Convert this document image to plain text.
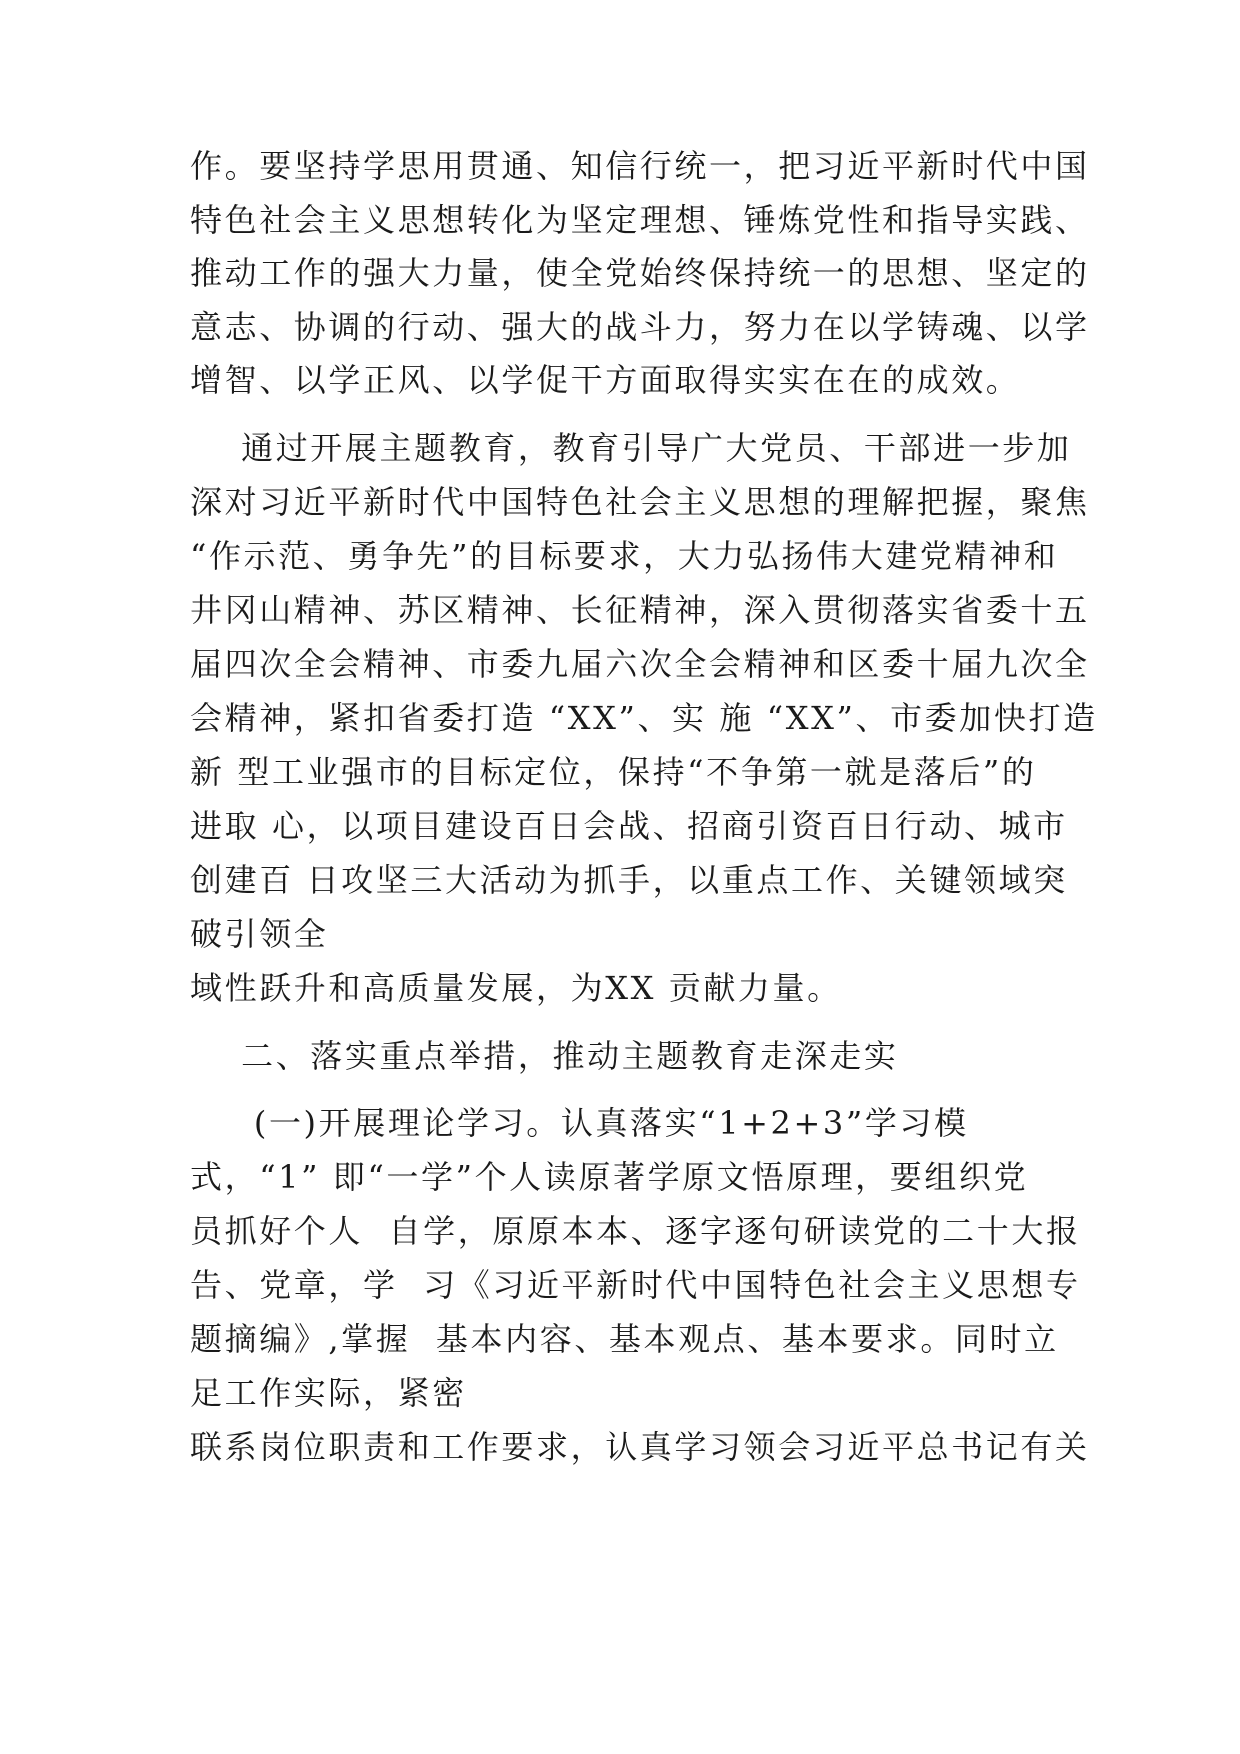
作。要坚持学思用贯通、知信行统一，把习近平新时代中国
特色社会主义思想转化为坚定理想、锤炼党性和指导实践、
推动工作的强大力量，使全党始终保持统一的思想、坚定的
意志、协调的行动、强大的战斗力，努力在以学铸魂、以学
增智、以学正风、以学促干方面取得实实在在的成效。
通过开展主题教育，教育引导广大党员、干部进一步加
深对习近平新时代中国特色社会主义思想的理解把握，聚焦
“作示范、勇争先”的目标要求，大力弘扬伟大建党精神和
井冈山精神、苏区精神、长征精神，深入贯彻落实省委十五
届四次全会精神、市委九届六次全会精神和区委十届九次全
会精神，紧扣省委打造 “XX”、实 施 “XX”、市委加快打造
新 型工业强市的目标定位，保持“不争第一就是落后”的
进取 心，以项目建设百日会战、招商引资百日行动、城市
创建百 日攻坚三大活动为抓手，以重点工作、关键领域突
破引领全
域性跃升和高质量发展，为XX 贡献力量。
二、落实重点举措，推动主题教育走深走实
(一)开展理论学习。认真落实“1+2+3”学习模
式，“1” 即“一学”个人读原著学原文悟原理，要组织党
员抓好个人  自学，原原本本、逐字逐句研读党的二十大报
告、党章，学  习《习近平新时代中国特色社会主义思想专
题摘编》,掌握  基本内容、基本观点、基本要求。同时立
足工作实际，紧密
联系岗位职责和工作要求，认真学习领会习近平总书记有关
